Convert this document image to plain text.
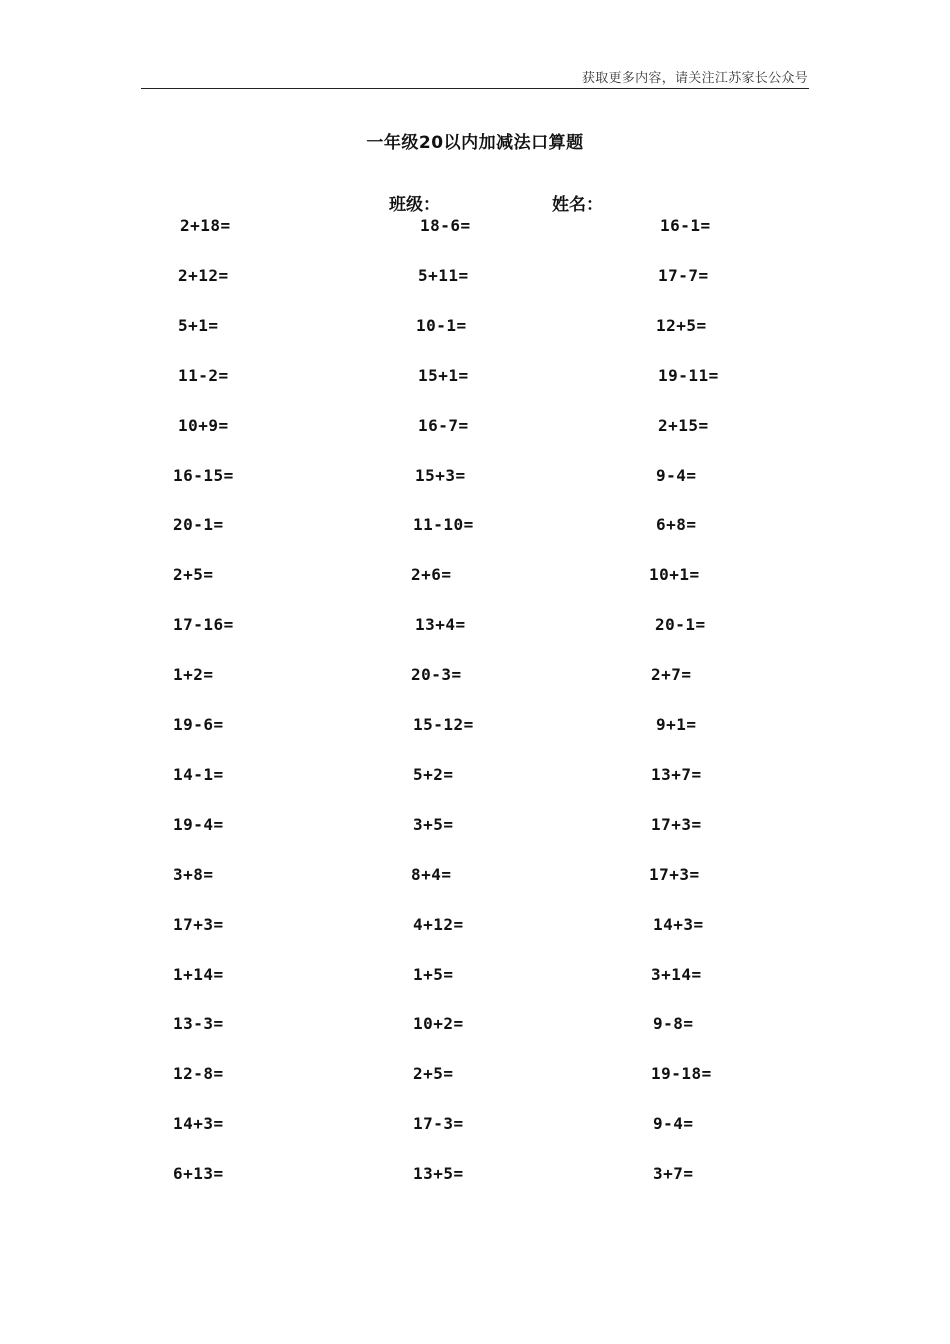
获取更多内容，请关注江苏家长公众号
一年级20以内加减法口算题
班级：	姓名：
2+18=	18-6=	16-1=
2+12=	5+11=	17-7=
5+1=	10-1=	12+5=
11-2=	15+1=	19-11=
10+9=	16-7=	2+15=
16-15=	15+3=	9-4=
20-1=	11-10=	6+8=
2+5=	2+6=	10+1=
17-16=	13+4=	20-1=
1+2=	20-3=	2+7=
19-6=	15-12=	9+1=
14-1=	5+2=	13+7=
19-4=	3+5=	17+3=
3+8=	8+4=	17+3=
17+3=	4+12=	14+3=
1+14=	1+5=	3+14=
13-3=	10+2=	9-8=
12-8=	2+5=	19-18=
14+3=	17-3=	9-4=
6+13=	13+5=	3+7=
